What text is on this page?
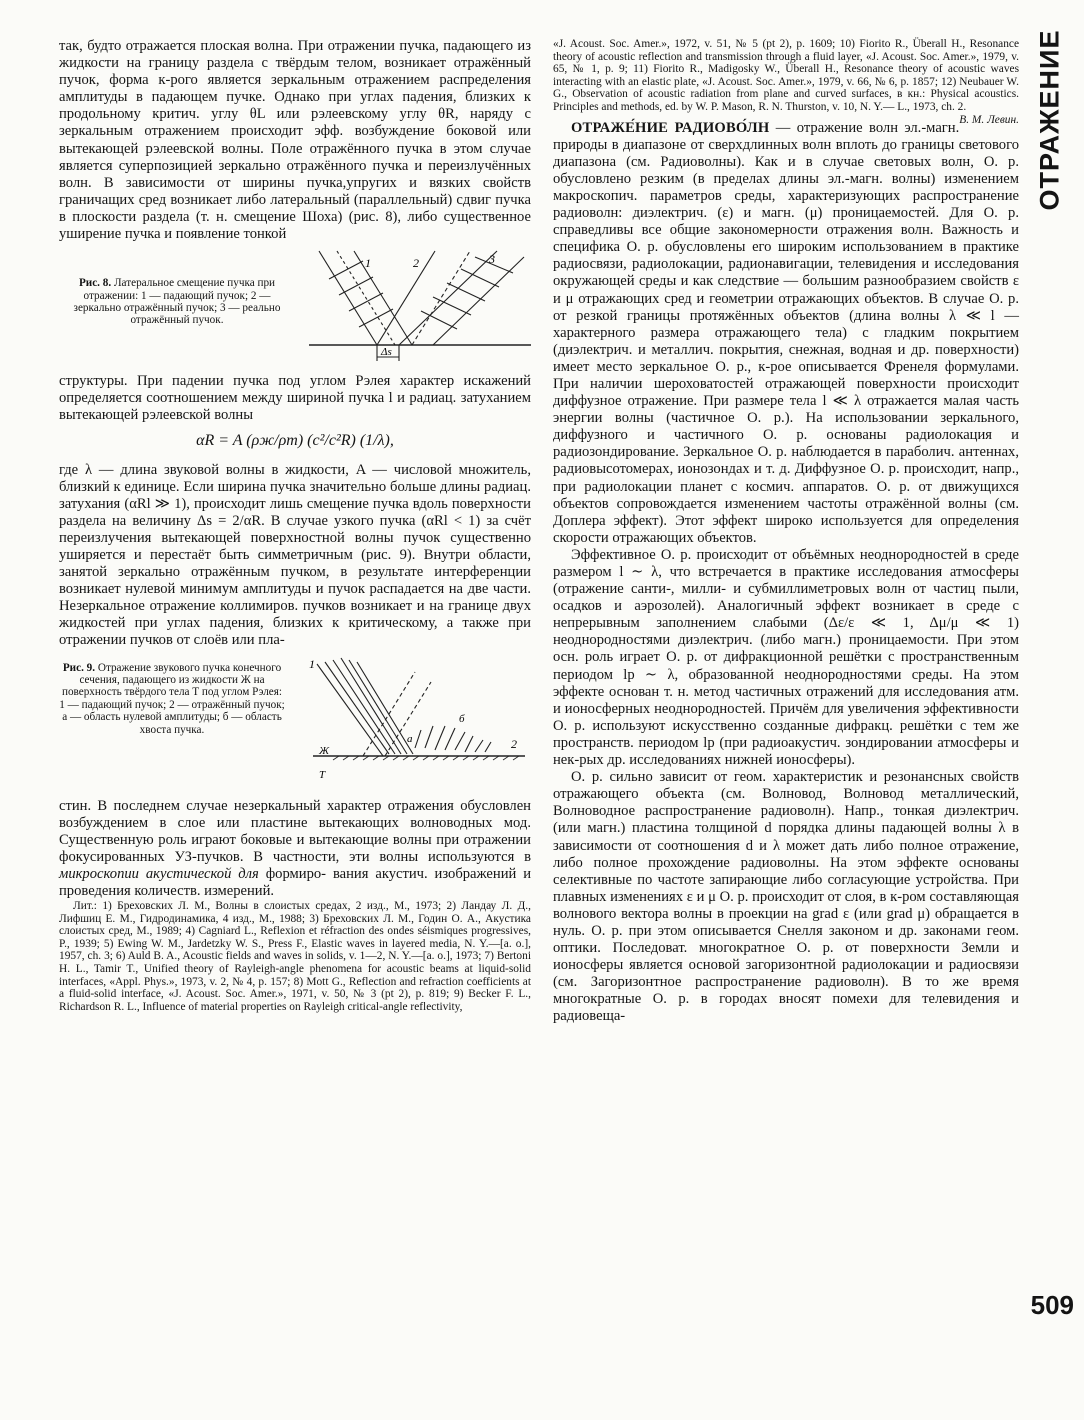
ОТРАЖЕНИЕ
509

так, будто отражается плоская волна. При отражении пучка, падающего из жидкости на границу раздела с твёрдым телом, возникает отражённый пучок, форма к-рого является зеркальным отражением распределения амплитуды в падающем пучке. Однако при углах падения, близких к продольному критич. углу θL или рэлеевскому углу θR, наряду с зеркальным отражением происходит эфф. возбуждение боковой или вытекающей рэлеевской волны. Поле отражённого пучка в этом случае является суперпозицией зеркально отражённого пучка и переизлучённых волн. В зависимости от ширины пучка,упругих и вязких свойств граничащих сред возникает либо латеральный (параллельный) сдвиг пучка в плоскости раздела (т. н. смещение Шоха) (рис. 8), либо существенное уширение пучка и появление тонкой

Рис. 8. Латеральное смещение пучка при отражении: 1 — падающий пучок; 2 — зеркально отражённый пучок; 3 — реально отражённый пучок.
1	2	3
Δs

структуры. При падении пучка под углом Рэлея характер искажений определяется соотношением между шириной пучка l и радиац. затуханием вытекающей рэлеевской волны

αR = A (ρж/ρт) (c²/c²R) (1/λ),

где λ — длина звуковой волны в жидкости, A — числовой множитель, близкий к единице. Если ширина пучка значительно больше длины радиац. затухания (αRl ≫ 1), происходит лишь смещение пучка вдоль поверхности раздела на величину Δs = 2/αR. В случае узкого пучка (αRl < 1) за счёт переизлучения вытекающей поверхностной волны пучок существенно уширяется и перестаёт быть симметричным (рис. 9). Внутри области, занятой зеркально отражённым пучком, в результате интерференции возникает нулевой минимум амплитуды и пучок распадается на две части. Незеркальное отражение коллимиров. пучков возникает и на границе двух жидкостей при углах падения, близких к критическому, а также при отражении пучков от слоёв или пла-

Рис. 9. Отражение звукового пучка конечного сечения, падающего из жидкости Ж на поверхность твёрдого тела Т под углом Рэлея: 1 — падающий пучок; 2 — отражённый пучок; a — область нулевой амплитуды; б — область хвоста пучка.
1
2
a
б
Ж
Т

стин. В последнем случае незеркальный характер отражения обусловлен возбуждением в слое или пластине вытекающих волноводных мод. Существенную роль играют боковые и вытекающие волны при отражении фокусированных УЗ-пучков. В частности, эти волны используются в микроскопии акустической для формиро- вания акустич. изображений и проведения количеств. измерений.

Лит.: 1) Бреховских Л. М., Волны в слоистых средах, 2 изд., М., 1973; 2) Ландау Л. Д., Лифшиц Е. М., Гидродинамика, 4 изд., М., 1988; 3) Бреховских Л. М., Годин О. А., Акустика слоистых сред, М., 1989; 4) Cagniard L., Reflexion et réfraction des ondes séismiques progressives, P., 1939; 5) Ewing W. M., Jardetzky W. S., Press F., Elastic waves in layered media, N. Y.—[a. o.], 1957, ch. 3; 6) Auld B. A., Acoustic fields and waves in solids, v. 1—2, N. Y.—[a. o.], 1973; 7) Bertoni H. L., Tamir T., Unified theory of Rayleigh-angle phenomena for acoustic beams at liquid-solid interfaces, «Appl. Phys.», 1973, v. 2, № 4, p. 157; 8) Mott G., Reflection and refraction coefficients at a fluid-solid interface, «J. Acoust. Soc. Amer.», 1971, v. 50, № 3 (pt 2), p. 819; 9) Becker F. L., Richardson R. L., Influence of material properties on Rayleigh critical-angle reflectivity,

«J. Acoust. Soc. Amer.», 1972, v. 51, № 5 (pt 2), p. 1609; 10) Fiorito R., Überall H., Resonance theory of acoustic reflection and transmission through a fluid layer, «J. Acoust. Soc. Amer.», 1979, v. 65, № 1, p. 9; 11) Fiorito R., Madigosky W., Überall H., Resonance theory of acoustic waves interacting with an elastic plate, «J. Acoust. Soc. Amer.», 1979, v. 66, № 6, p. 1857; 12) Neubauer W. G., Observation of acoustic radiation from plane and curved surfaces, в кн.: Physical acoustics. Principles and methods, ed. by W. P. Mason, R. N. Thurston, v. 10, N. Y.— L., 1973, ch. 2.
В. М. Левин.

ОТРАЖЕ́НИЕ РАДИОВО́ЛН — отражение волн эл.-магн. природы в диапазоне от сверхдлинных волн вплоть до границы светового диапазона (см. Радиоволны). Как и в случае световых волн, О. р. обусловлено резким (в пределах длины эл.-магн. волны) изменением макроскопич. параметров среды, характеризующих распространение радиоволн: диэлектрич. (ε) и магн. (μ) проницаемостей. Для О. р. справедливы все общие закономерности отражения волн. Важность и специфика О. р. обусловлены его широким использованием в практике радиосвязи, радиолокации, радионавигации, телевидения и исследования окружающей среды и как следствие — большим разнообразием свойств ε и μ отражающих сред и геометрии отражающих объектов. В случае О. р. от резкой границы протяжённых объектов (длина волны λ ≪ l — характерного размера отражающего тела) с гладким покрытием (диэлектрич. и металлич. покрытия, снежная, водная и др. поверхности) имеет место зеркальное О. р., к-рое описывается Френеля формулами. При наличии шероховатостей отражающей поверхности происходит диффузное отражение. При размере тела l ≪ λ отражается малая часть энергии волны (частичное О. р.). На использовании зеркального, диффузного и частичного О. р. основаны радиолокация и радиозондирование. Зеркальное О. р. наблюдается в параболич. антеннах, радиовысотомерах, ионозондах и т. д. Диффузное О. р. происходит, напр., при радиолокации планет с космич. аппаратов. О. р. от движущихся объектов сопровождается изменением частоты отражённой волны (см. Доплера эффект). Этот эффект широко используется для определения скорости отражающих объектов.

Эффективное О. р. происходит от объёмных неоднородностей в среде размером l ∼ λ, что встречается в практике исследования атмосферы (отражение санти-, милли- и субмиллиметровых волн от частиц пыли, осадков и аэрозолей). Аналогичный эффект возникает в среде с непрерывным заполнением слабыми (Δε/ε ≪ 1, Δμ/μ ≪ 1) неоднородностями диэлектрич. (либо магн.) проницаемости. При этом осн. роль играет О. р. от дифракционной решётки с пространственным периодом lр ∼ λ, образованной неоднородностями среды. На этом эффекте основан т. н. метод частичных отражений для исследования атм. и ионосферных неоднородностей. Причём для увеличения эффективности О. р. используют искусственно созданные дифракц. решётки с тем же пространств. периодом lр (при радиоакустич. зондировании атмосферы и нек-рых др. исследованиях нижней ионосферы).

О. р. сильно зависит от геом. характеристик и резонансных свойств отражающего объекта (см. Волновод, Волновод металлический, Волноводное распространение радиоволн). Напр., тонкая диэлектрич. (или магн.) пластина толщиной d порядка длины падающей волны λ в зависимости от соотношения d и λ может дать либо полное отражение, либо полное прохождение радиоволны. На этом эффекте основаны селективные по частоте запирающие либо согласующие устройства. При плавных изменениях ε и μ О. р. происходит от слоя, в к-ром составляющая волнового вектора волны в проекции на grad ε (или grad μ) обращается в нуль. О. р. при этом описывается Снелля законом и др. законами геом. оптики. Последоват. многократное О. р. от поверхности Земли и ионосферы является основой загоризонтной радиолокации и радиосвязи (см. Загоризонтное распространение радиоволн). В то же время многократные О. р. в городах вносят помехи для телевидения и радиовеща-
